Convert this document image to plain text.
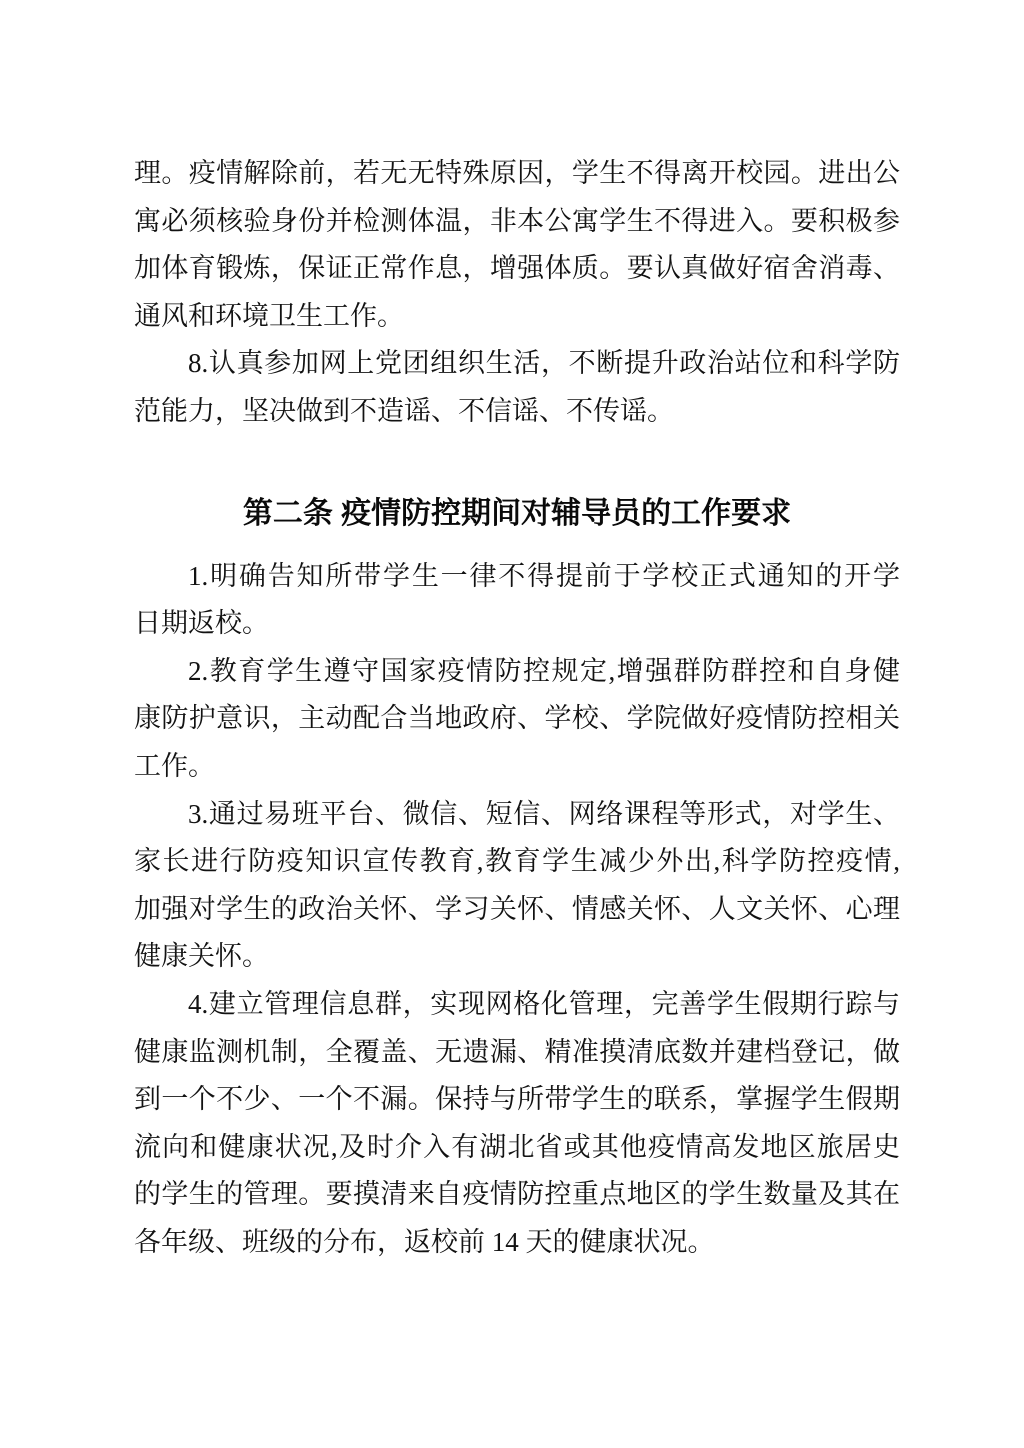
理。疫情解除前，若无无特殊原因，学生不得离开校园。进出公
寓必须核验身份并检测体温，非本公寓学生不得进入。要积极参
加体育锻炼，保证正常作息，增强体质。要认真做好宿舍消毒、
通风和环境卫生工作。
8.认真参加网上党团组织生活，不断提升政治站位和科学防
范能力，坚决做到不造谣、不信谣、不传谣。
第二条 疫情防控期间对辅导员的工作要求
1.明确告知所带学生一律不得提前于学校正式通知的开学
日期返校。
2.教育学生遵守国家疫情防控规定,增强群防群控和自身健
康防护意识，主动配合当地政府、学校、学院做好疫情防控相关
工作。
3.通过易班平台、微信、短信、网络课程等形式，对学生、
家长进行防疫知识宣传教育,教育学生减少外出,科学防控疫情,
加强对学生的政治关怀、学习关怀、情感关怀、人文关怀、心理
健康关怀。
4.建立管理信息群，实现网格化管理，完善学生假期行踪与
健康监测机制，全覆盖、无遗漏、精准摸清底数并建档登记，做
到一个不少、一个不漏。保持与所带学生的联系，掌握学生假期
流向和健康状况,及时介入有湖北省或其他疫情高发地区旅居史
的学生的管理。要摸清来自疫情防控重点地区的学生数量及其在
各年级、班级的分布，返校前 14 天的健康状况。
